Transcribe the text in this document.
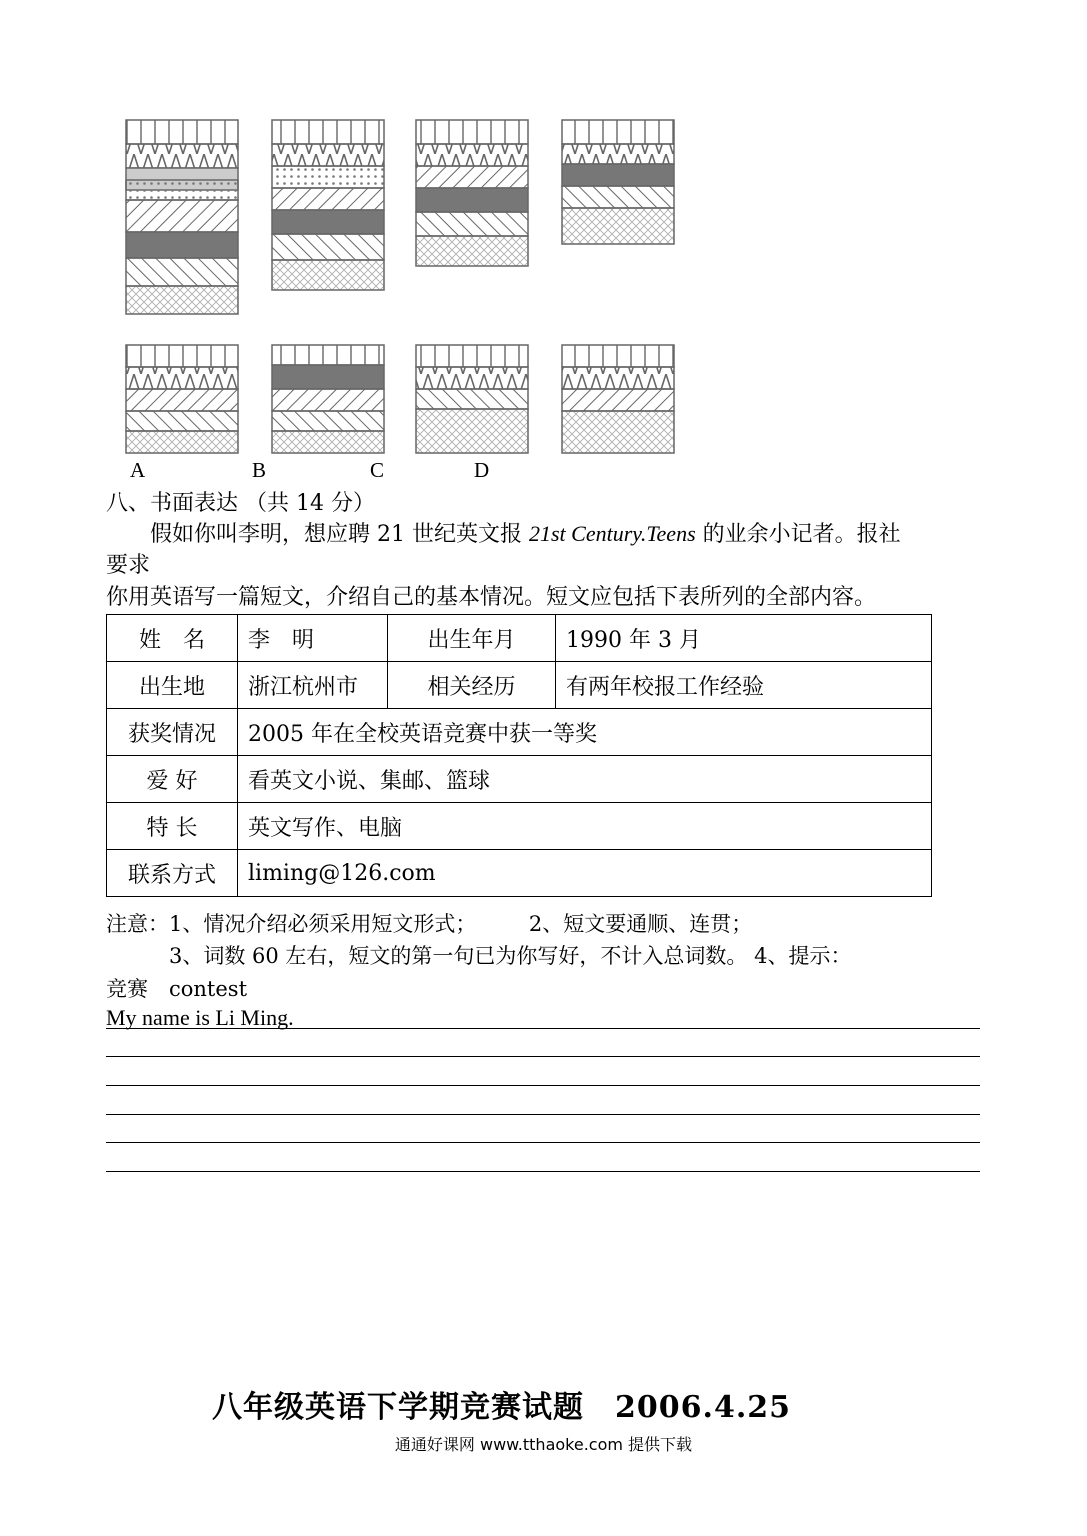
A	B	C	D
八、书面表达 （共 14 分）
假如你叫李明，想应聘 21 世纪英文报 21st Century.Teens 的业余小记者。报社
要求
你用英语写一篇短文，介绍自己的基本情况。短文应包括下表所列的全部内容。
姓　名	李　明	出生年月	1990 年 3 月
出生地	浙江杭州市	相关经历	有两年校报工作经验
获奖情况	2005 年在全校英语竞赛中获一等奖		
爱 好	看英文小说、集邮、篮球		
特 长	英文写作、电脑		
联系方式	liming@126.com		
注意：1、情况介绍必须采用短文形式；　　　2、短文要通顺、连贯；
　　　3、词数 60 左右，短文的第一句已为你写好，不计入总词数。 4、提示：
竞赛　contest
My name is Li Ming.
八年级英语下学期竞赛试题　2006.4.25
通通好课网 www.tthaoke.com 提供下载
